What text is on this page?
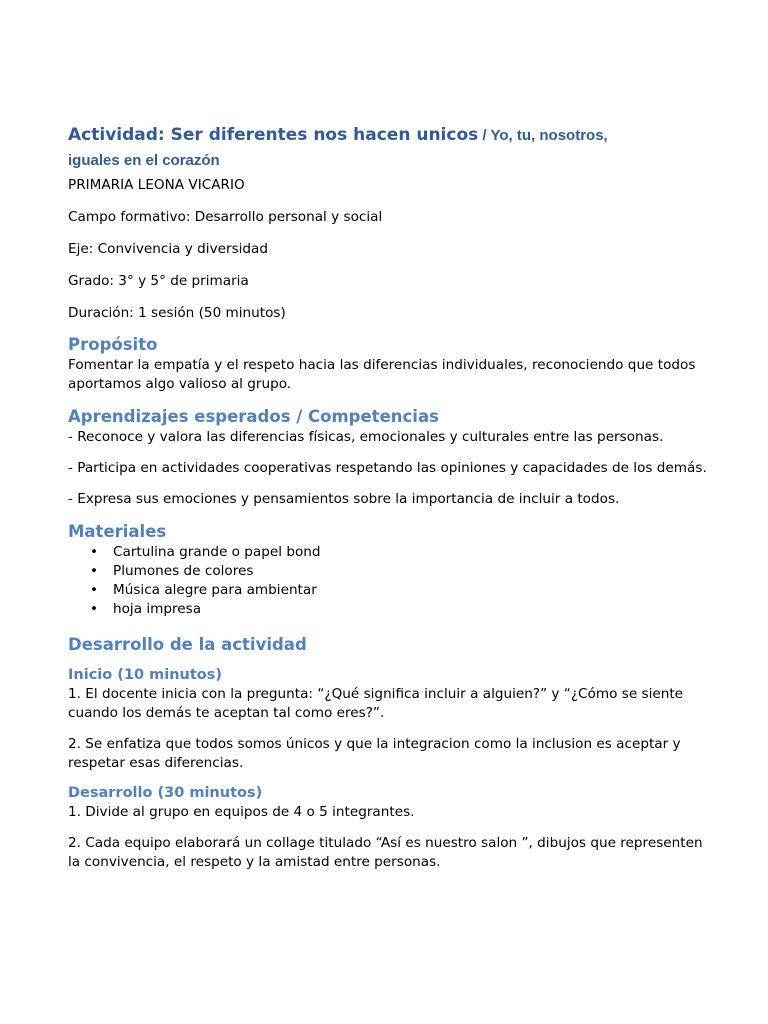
Actividad: Ser diferentes nos hacen unicos / Yo, tu, nosotros,

iguales en el corazón

PRIMARIA LEONA VICARIO

Campo formativo: Desarrollo personal y social

Eje: Convivencia y diversidad

Grado: 3° y 5° de primaria

Duración: 1 sesión (50 minutos)

Propósito

Fomentar la empatía y el respeto hacia las diferencias individuales, reconociendo que todos aportamos algo valioso al grupo.

Aprendizajes esperados / Competencias

- Reconoce y valora las diferencias físicas, emocionales y culturales entre las personas.

- Participa en actividades cooperativas respetando las opiniones y capacidades de los demás.

- Expresa sus emociones y pensamientos sobre la importancia de incluir a todos.

Materiales
• Cartulina grande o papel bond
• Plumones de colores
• Música alegre para ambientar
• hoja impresa
Desarrollo de la actividad
Inicio (10 minutos)

1. El docente inicia con la pregunta: “¿Qué significa incluir a alguien?” y “¿Cómo se siente cuando los demás te aceptan tal como eres?”.

2. Se enfatiza que todos somos únicos y que la integracion como la inclusion es aceptar y respetar esas diferencias.

Desarrollo (30 minutos)

1. Divide al grupo en equipos de 4 o 5 integrantes.

2. Cada equipo elaborará un collage titulado “Así es nuestro salon ”, dibujos que representen la convivencia, el respeto y la amistad entre personas.
